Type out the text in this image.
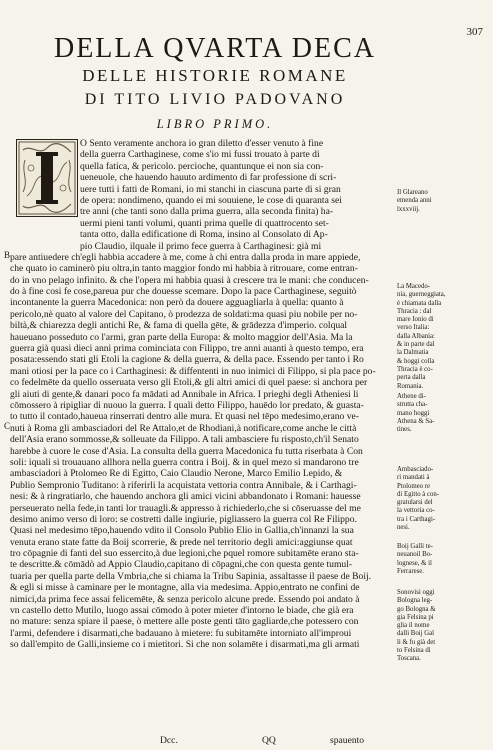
307
DELLA QVARTA DECA
DELLE HISTORIE ROMANE
DI TITO LIVIO PADOVANO
LIBRO PRIMO.
O Sento veramente anchora io gran diletto d'esser venuto à fine
della guerra Carthaginese, come s'io mi fussi trouato à parte di
quella fatica, & pericolo. percioche, quantunque ei non sia con-
ueneuole, che hauendo hauuto ardimento di far professione di scri-
uere tutti i fatti de Romani, io mi stanchi in ciascuna parte di si gran
de opera: nondimeno, quando ei mi souuiene, le cose di quaranta sei
tre anni (che tanti sono dalla prima guerra, alla seconda finita) ha-
uermi pieni tanti volumi, quanti prima quelle di quattrocento set-
tanta otto, dalla edificatione di Roma, insino al Consolato di Ap-
pio Claudio, ilquale il primo fece guerra à Carthaginesi: già mi
pare antiuedere ch'egli habbia accadere à me, come à chi entra dalla proda in mare appiede,
che quato io caminerò piu oltra,in tanto maggior fondo mi habbia à ritrouare, come entran-
do in vno pelago infinito. & che l'opera mi habbia quasi à crescere tra le mani: che conducen-
do à fine cosi fe cose,pareua pur che douesse scemare. Dopo la pace Carthaginese, seguitò
incontanente la guerra Macedonica: non però da douere agguagliarla à quella: quanto à
pericolo,nè quato al valore del Capitano, ò prodezza de soldati:ma quasi piu nobile per no-
biltà,& chiarezza degli antichi Re, & fama di quella gēte, & grādezza d'imperio. colqual
haueuano posseduto co l'armi, gran parte della Europa: & molto maggior dell'Asia. Ma la
guerra già quasi dieci anni prima cominciata con Filippo, tre anni auanti à questo tempo, era
posata:essendo stati gli Etoli la cagione & della guerra, & della pace. Essendo per tanto i Ro
mani otiosi per la pace co i Carthaginesi: & diffententi in nuo inimici di Filippo, si pla pace po-
co fedelmēte da quello osseruata verso gli Etoli,& gli altri amici di quel paese: si anchora per
gli aiuti di gente,& danari poco fa mādati ad Annibale in Africa. I prieghi degli Atheniesi li
cōmossero à ripigliar di nuouo la guerra. I quali detto Filippo, hauēdo lor predato, & guasta-
to tutto il contado,haueua rinserrati dentro alle mura. Et quasi nel tēpo medesimo,erano ve-
nuti à Roma gli ambasciadori del Re Attalo,et de Rhodiani,à notificare,come anche le città
dell'Asia erano sommosse,& solleuate da Filippo. A tali ambasciere fu risposto,ch'il Senato
harebbe à cuore le cose d'Asia. La consulta della guerra Macedonica fu tutta riserbata à Con
soli: iquali si trouauano allhora nella guerra contra i Boij. & in quel mezo si mandarono tre
ambasciadori à Ptolomeo Re di Egitto, Caio Claudio Nerone, Marco Emilio Lepido, &
Publio Sempronio Tuditano: à riferirli la acquistata vettoria contra Annibale, & i Carthagi-
nesi: & à ringratiarlo, che hauendo anchora gli amici vicini abbandonato i Romani: hauesse
perseuerato nella fede,in tanti lor trauagli.& appresso à richiederlo,che si cōseruasse del me
desimo animo verso di loro: se costretti dalle ingiurie, pigliassero la guerra col Re Filippo.
Quasi nel medesimo tēpo,hauendo vdito il Consolo Publio Elio in Gallia,ch'innanzi la sua
venuta erano state fatte da Boij scorrerie, & prede nel territorio degli amici:aggiunse quat
tro cōpagnie di fanti del suo essercito,à due legioni,che pquel romore subitamēte erano sta-
te descritte.& cōmādò ad Appio Claudio,capitano di cōpagni,che con questa gente tumul-
tuaria per quella parte della Vmbria,che si chiama la Tribu Sapinia, assaltasse il paese de Boij.
& egli si misse à caminare per le montagne, alla via medesima. Appio,entrato ne confini de
nimici,da prima fece assai felicemēte, & senza pericolo alcune prede. Essendo poi andato à
vn castello detto Mutilo, luogo assai cōmodo à poter mieter d'intorno le biade, che già era
no mature: senza spiare il paese, ò mettere alle poste genti tāto gagliarde,che potessero con
l'armi, defendere i disarmati,che badauano à mietere: fu subitamēte intorniato all'improui
so dall'empito de Galli,insieme co i mietitori. Si che non solamēte i disarmati,ma gli armati
B
C
Il Glareano
emenda anni
lxxxviij.
La Macedo-
nia, guerneggiata,
è chiamata dalla
Thracia : dal
mare Ionio di
verso Italia:
dalla Albania:
& in parte dal
la Dalmatia
& hoggi colla
Thracia è co-
perta dalla
Romania.
Athene di-
strutta cha-
mano hoggi
Athena & Sa-
tines.
Ambasciado-
ri mandati à
Ptolomeo re
di Egitto à con-
gratularsi del
la vettoria co-
tra i Carthagi-
nesi.
Boij Galli te-
neuanoil Bo-
lognese, & il
Ferrarese.
Sonovisi oggi
Bologna leg-
go Bologna &
gia Felsina pi
glia il nome
dalli Boij Gal
li & fu già det
to Felsina di
Toscana.
Dcc.	QQ	spauento
